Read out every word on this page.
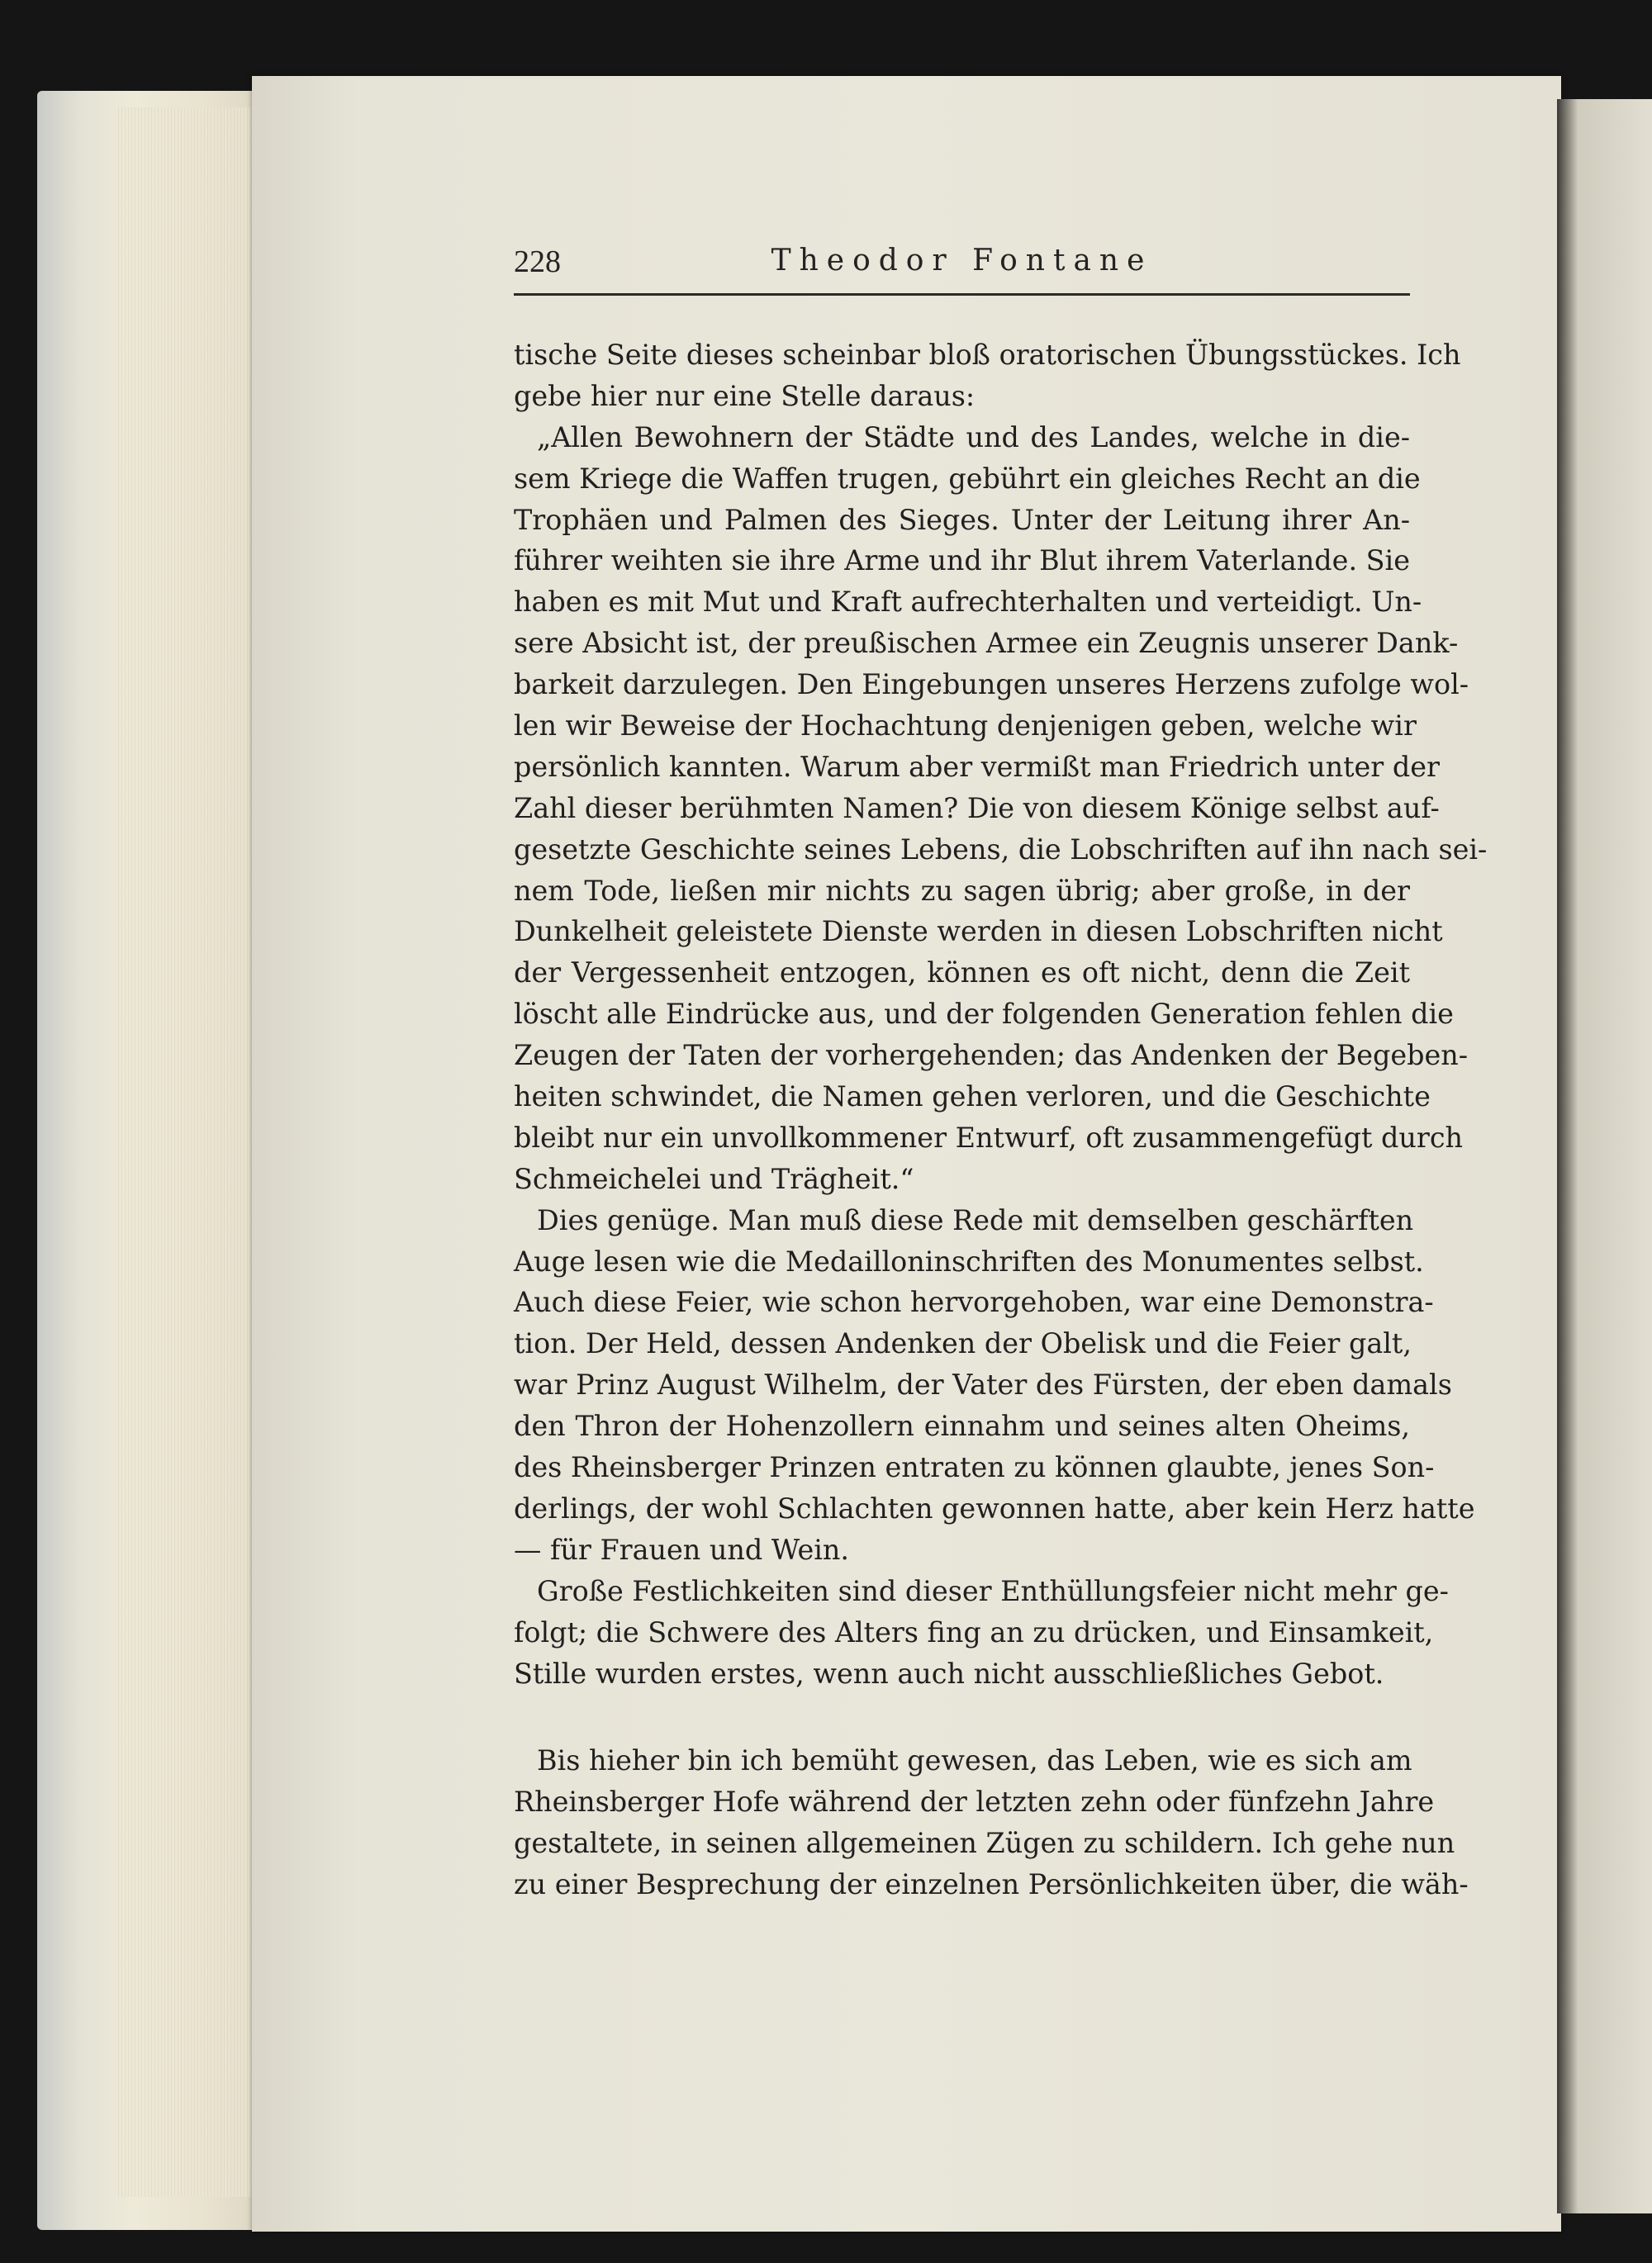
228	Theodor Fontane
tische Seite dieses scheinbar bloß oratorischen Übungsstückes. Ich
gebe hier nur eine Stelle daraus:
„Allen Bewohnern der Städte und des Landes, welche in die-
sem Kriege die Waffen trugen, gebührt ein gleiches Recht an die
Trophäen und Palmen des Sieges. Unter der Leitung ihrer An-
führer weihten sie ihre Arme und ihr Blut ihrem Vaterlande. Sie
haben es mit Mut und Kraft aufrechterhalten und verteidigt. Un-
sere Absicht ist, der preußischen Armee ein Zeugnis unserer Dank-
barkeit darzulegen. Den Eingebungen unseres Herzens zufolge wol-
len wir Beweise der Hochachtung denjenigen geben, welche wir
persönlich kannten. Warum aber vermißt man Friedrich unter der
Zahl dieser berühmten Namen? Die von diesem Könige selbst auf-
gesetzte Geschichte seines Lebens, die Lobschriften auf ihn nach sei-
nem Tode, ließen mir nichts zu sagen übrig; aber große, in der
Dunkelheit geleistete Dienste werden in diesen Lobschriften nicht
der Vergessenheit entzogen, können es oft nicht, denn die Zeit
löscht alle Eindrücke aus, und der folgenden Generation fehlen die
Zeugen der Taten der vorhergehenden; das Andenken der Begeben-
heiten schwindet, die Namen gehen verloren, und die Geschichte
bleibt nur ein unvollkommener Entwurf, oft zusammengefügt durch
Schmeichelei und Trägheit.“
Dies genüge. Man muß diese Rede mit demselben geschärften
Auge lesen wie die Medailloninschriften des Monumentes selbst.
Auch diese Feier, wie schon hervorgehoben, war eine Demonstra-
tion. Der Held, dessen Andenken der Obelisk und die Feier galt,
war Prinz August Wilhelm, der Vater des Fürsten, der eben damals
den Thron der Hohenzollern einnahm und seines alten Oheims,
des Rheinsberger Prinzen entraten zu können glaubte, jenes Son-
derlings, der wohl Schlachten gewonnen hatte, aber kein Herz hatte
— für Frauen und Wein.
Große Festlichkeiten sind dieser Enthüllungsfeier nicht mehr ge-
folgt; die Schwere des Alters fing an zu drücken, und Einsamkeit,
Stille wurden erstes, wenn auch nicht ausschließliches Gebot.
Bis hieher bin ich bemüht gewesen, das Leben, wie es sich am
Rheinsberger Hofe während der letzten zehn oder fünfzehn Jahre
gestaltete, in seinen allgemeinen Zügen zu schildern. Ich gehe nun
zu einer Besprechung der einzelnen Persönlichkeiten über, die wäh-
